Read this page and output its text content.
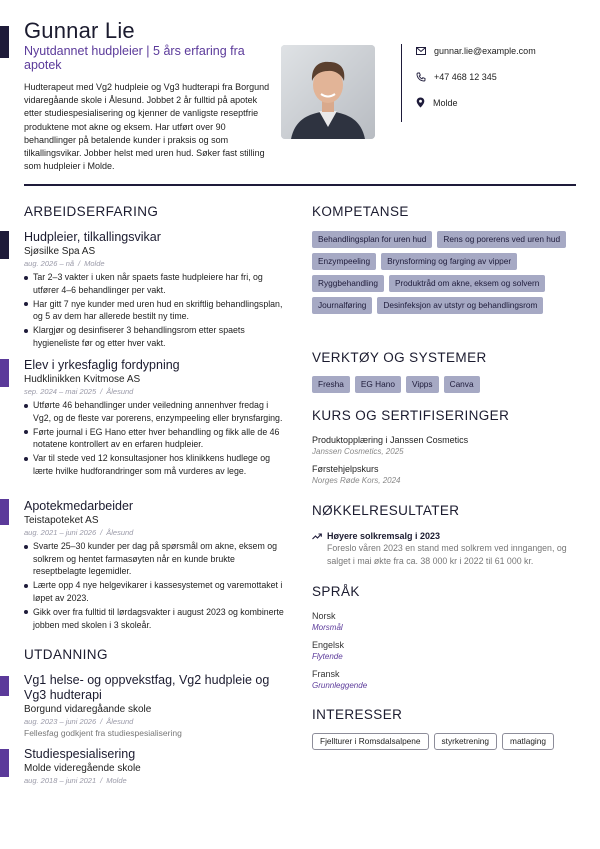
Gunnar Lie
Nyutdannet hudpleier | 5 års erfaring fra apotek
Hudterapeut med Vg2 hudpleie og Vg3 hudterapi fra Borgund vidaregåande skole i Ålesund. Jobbet 2 år fulltid på apotek etter studiespesialisering og kjenner de vanligste reseptfrie produktene mot akne og eksem. Har utført over 90 behandlinger på betalende kunder i praksis og som tilkallingsvikar. Jobber helst med uren hud. Søker fast stilling som hudpleier i Molde.
gunnar.lie@example.com
+47 468 12 345
Molde
ARBEIDSERFARING
Hudpleier, tilkallingsvikar
Sjøsilke Spa AS
aug. 2026 – nå / Molde
Tar 2–3 vakter i uken når spaets faste hudpleiere har fri, og utfører 4–6 behandlinger per vakt.
Har gitt 7 nye kunder med uren hud en skriftlig behandlingsplan, og 5 av dem har allerede bestilt ny time.
Klargjør og desinfiserer 3 behandlingsrom etter spaets hygieneliste før og etter hver vakt.
Elev i yrkesfaglig fordypning
Hudklinikken Kvitmose AS
sep. 2024 – mai 2025 / Ålesund
Utførte 46 behandlinger under veiledning annenhver fredag i Vg2, og de fleste var porerens, enzympeeling eller brynsfarging.
Førte journal i EG Hano etter hver behandling og fikk alle de 46 notatene kontrollert av en erfaren hudpleier.
Var til stede ved 12 konsultasjoner hos klinikkens hudlege og lærte hvilke hudforandringer som må vurderes av lege.
Apotekmedarbeider
Teistapoteket AS
aug. 2021 – juni 2026 / Ålesund
Svarte 25–30 kunder per dag på spørsmål om akne, eksem og solkrem og hentet farmasøyten når en kunde brukte reseptbelagte legemidler.
Lærte opp 4 nye helgevikarer i kassesystemet og varemottaket i løpet av 2023.
Gikk over fra fulltid til lørdagsvakter i august 2023 og kombinerte jobben med skolen i 3 skoleår.
UTDANNING
Vg1 helse- og oppvekstfag, Vg2 hudpleie og Vg3 hudterapi
Borgund vidaregåande skole
aug. 2023 – juni 2026 / Ålesund
Fellesfag godkjent fra studiespesialisering
Studiespesialisering
Molde videregående skole
aug. 2018 – juni 2021 / Molde
KOMPETANSE
Behandlingsplan for uren hud	Rens og porerens ved uren hud
Enzympeeling	Brynsforming og farging av vipper
Ryggbehandling	Produktråd om akne, eksem og solvern
Journalføring	Desinfeksjon av utstyr og behandlingsrom
VERKTØY OG SYSTEMER
Fresha	EG Hano	Vipps	Canva
KURS OG SERTIFISERINGER
Produktopplæring i Janssen Cosmetics
Janssen Cosmetics, 2025
Førstehjelpskurs
Norges Røde Kors, 2024
NØKKELRESULTATER
Høyere solkremsalg i 2023
Foreslo våren 2023 en stand med solkrem ved inngangen, og salget i mai økte fra ca. 38 000 kr i 2022 til 61 000 kr.
SPRÅK
Norsk
Morsmål
Engelsk
Flytende
Fransk
Grunnleggende
INTERESSER
Fjellturer i Romsdalsalpene	styrketrening	matlaging
